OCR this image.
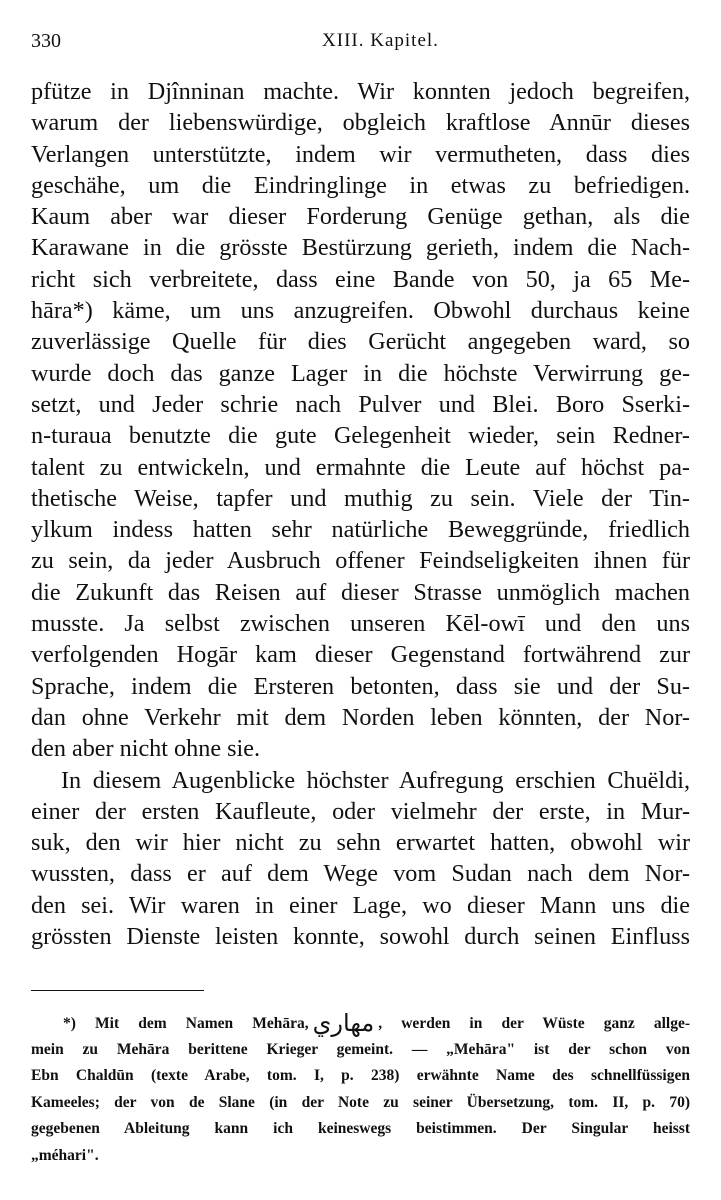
330	XIII. Kapitel.
pfütze in Djînninan machte. Wir konnten jedoch begreifen,
warum der liebenswürdige, obgleich kraftlose Annūr dieses
Verlangen unterstützte, indem wir vermutheten, dass dies
geschähe, um die Eindringlinge in etwas zu befriedigen.
Kaum aber war dieser Forderung Genüge gethan, als die
Karawane in die grösste Bestürzung gerieth, indem die Nach-
richt sich verbreitete, dass eine Bande von 50, ja 65 Me-
hāra*) käme, um uns anzugreifen. Obwohl durchaus keine
zuverlässige Quelle für dies Gerücht angegeben ward, so
wurde doch das ganze Lager in die höchste Verwirrung ge-
setzt, und Jeder schrie nach Pulver und Blei. Boro Sserki-
n-turaua benutzte die gute Gelegenheit wieder, sein Redner-
talent zu entwickeln, und ermahnte die Leute auf höchst pa-
thetische Weise, tapfer und muthig zu sein. Viele der Tin-
ylkum indess hatten sehr natürliche Beweggründe, friedlich
zu sein, da jeder Ausbruch offener Feindseligkeiten ihnen für
die Zukunft das Reisen auf dieser Strasse unmöglich machen
musste. Ja selbst zwischen unseren Kēl-owī und den uns
verfolgenden Hogār kam dieser Gegenstand fortwährend zur
Sprache, indem die Ersteren betonten, dass sie und der Su-
dan ohne Verkehr mit dem Norden leben könnten, der Nor-
den aber nicht ohne sie.
In diesem Augenblicke höchster Aufregung erschien Chuëldi,
einer der ersten Kaufleute, oder vielmehr der erste, in Mur-
suk, den wir hier nicht zu sehn erwartet hatten, obwohl wir
wussten, dass er auf dem Wege vom Sudan nach dem Nor-
den sei. Wir waren in einer Lage, wo dieser Mann uns die
grössten Dienste leisten konnte, sowohl durch seinen Einfluss
*) Mit dem Namen Mehāra, مهاري , werden in der Wüste ganz allge-
mein zu Mehāra berittene Krieger gemeint. — „Mehāra" ist der schon von
Ebn Chaldūn (texte Arabe, tom. I, p. 238) erwähnte Name des schnellfüssigen
Kameeles; der von de Slane (in der Note zu seiner Übersetzung, tom. II, p. 70)
gegebenen Ableitung kann ich keineswegs beistimmen. Der Singular heisst
„méhari".
